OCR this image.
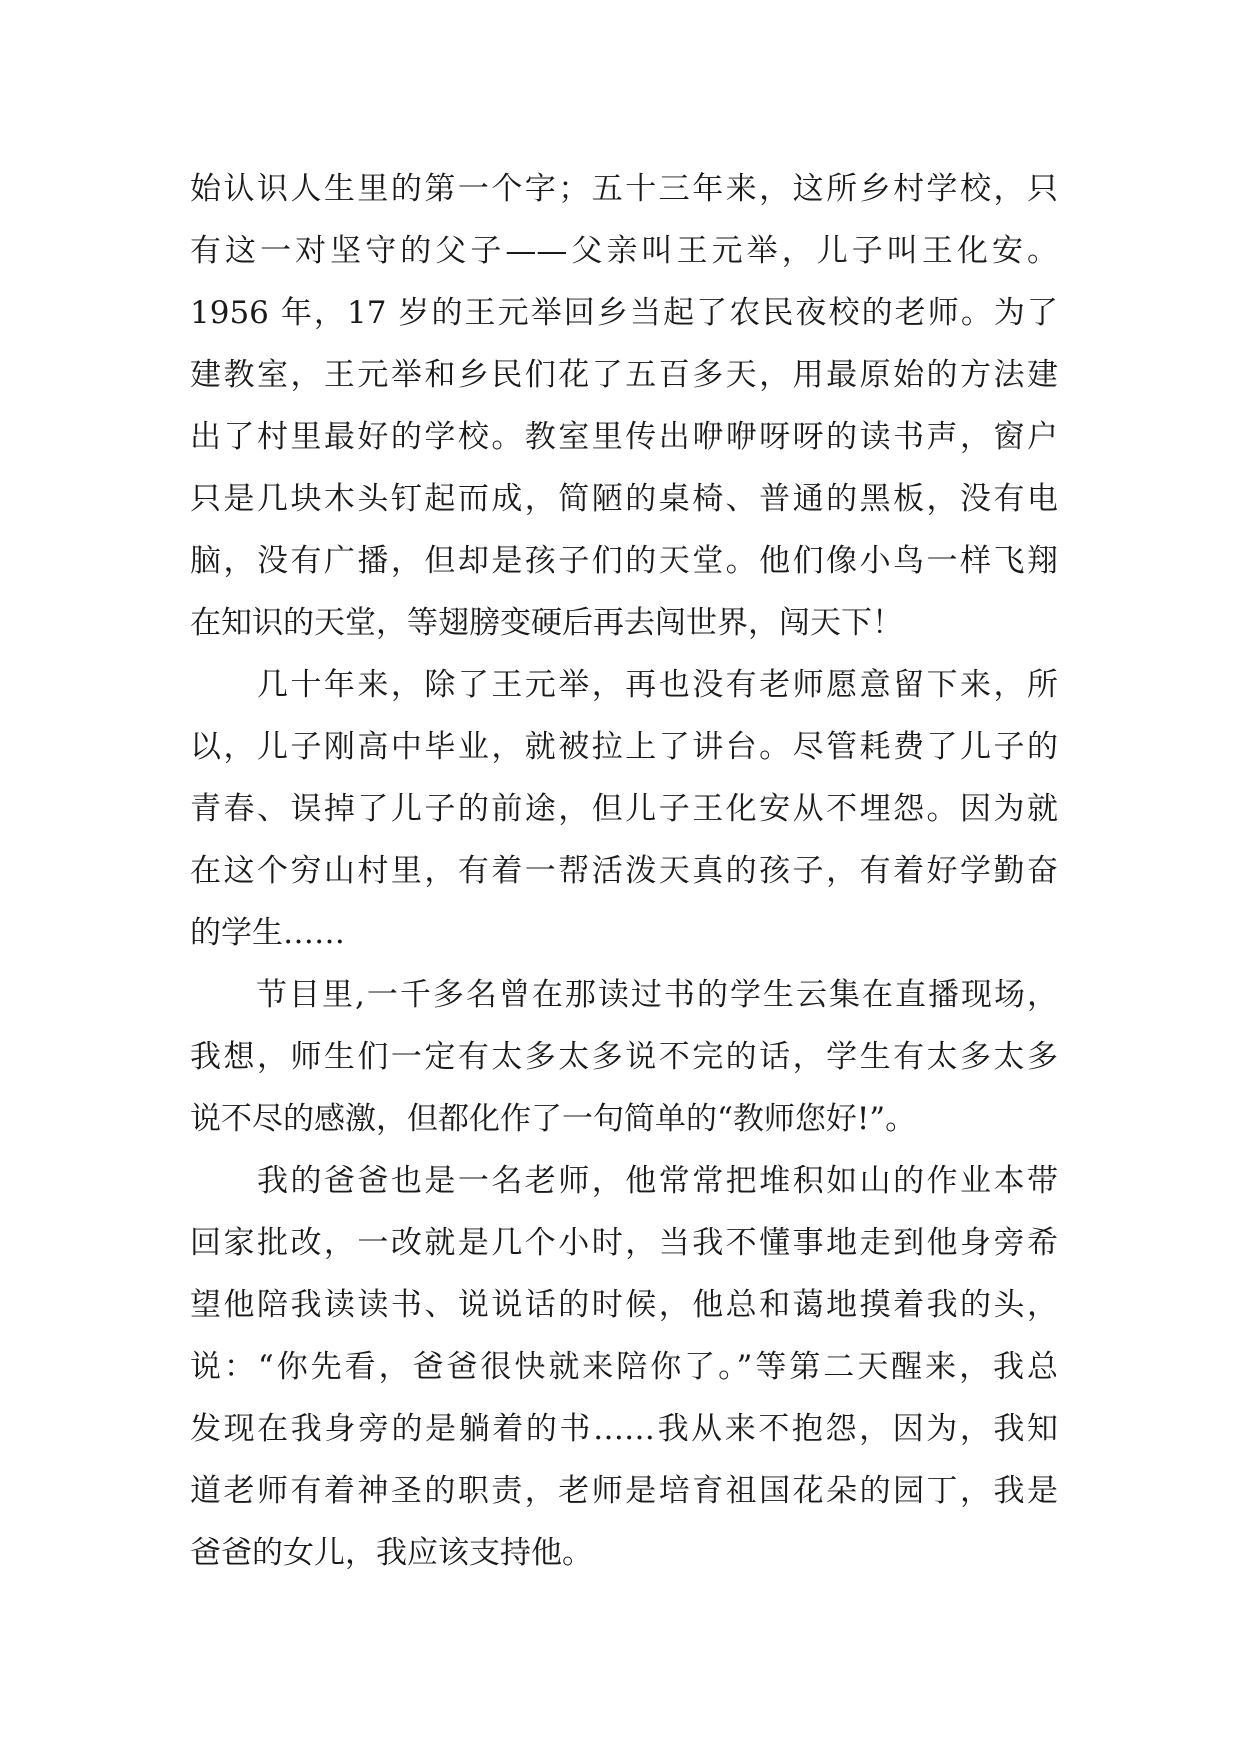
始认识人生里的第一个字；五十三年来，这所乡村学校，只
有这一对坚守的父子——父亲叫王元举，儿子叫王化安。
1956 年，17 岁的王元举回乡当起了农民夜校的老师。为了
建教室，王元举和乡民们花了五百多天，用最原始的方法建
出了村里最好的学校。教室里传出咿咿呀呀的读书声，窗户
只是几块木头钉起而成，简陋的桌椅、普通的黑板，没有电
脑，没有广播，但却是孩子们的天堂。他们像小鸟一样飞翔
在知识的天堂，等翅膀变硬后再去闯世界，闯天下！
　　几十年来，除了王元举，再也没有老师愿意留下来，所
以，儿子刚高中毕业，就被拉上了讲台。尽管耗费了儿子的
青春、误掉了儿子的前途，但儿子王化安从不埋怨。因为就
在这个穷山村里，有着一帮活泼天真的孩子，有着好学勤奋
的学生……
　　节目里,一千多名曾在那读过书的学生云集在直播现场，
我想，师生们一定有太多太多说不完的话，学生有太多太多
说不尽的感激，但都化作了一句简单的“教师您好!”。
　　我的爸爸也是一名老师，他常常把堆积如山的作业本带
回家批改，一改就是几个小时，当我不懂事地走到他身旁希
望他陪我读读书、说说话的时候，他总和蔼地摸着我的头，
说：“你先看，爸爸很快就来陪你了。”等第二天醒来，我总
发现在我身旁的是躺着的书……我从来不抱怨，因为，我知
道老师有着神圣的职责，老师是培育祖国花朵的园丁，我是
爸爸的女儿，我应该支持他。
